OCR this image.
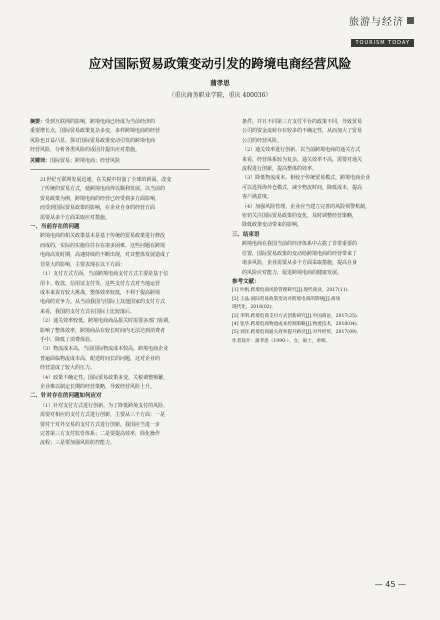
旅游与经济
TOURISM TODAY
应对国际贸易政策变动引发的跨境电商经营风险
蒲孝思
（重庆商务职业学院，重庆 400036）

摘要：受到互联网的影响，跨境电商已经成为当前经济的

重要增长点，国际贸易政策复杂多变，多样跨境电商的经营

风险也日益凸显。探讨国际贸易政策变动引发的跨境电商

经营风险，分析各类风险的成因并提出应对措施。

关键词：国际贸易；跨境电商；经营风险

21世纪互联网发展迅速，在关税中扮演了全球的新面，改变

了传统的贸易方式，使跨境电商得以顺利发展。以当前的

贸易政策为例，跨境电商的经营已经受到多方面影响，

而受到国际贸易政策的影响，在企业自身的经营方面

需要从多个方面采取应对措施。

一、当前存在的问题

跨境电商的相关政策基本是基于传统的贸易政策进行修改

而成的，实际的实施往往存在诸多困难。这些问题在跨境

电商高发时期，高速持续的不断出现，对其整体发展造成了

非常大的影响，主要表现在以下方面：

（1）支付方式方面，当前跨境电商支付方式主要是基于信

用卡、收款，信用证支付等，这些支付方式对当地运营

成本来说有较大挑战，整体效率较低，不利于提高跨境

电商的竞争力。从当前我国与国际上其他国家的支付方式

来看，我国的支付方式在国际上比较落后。

（2）通关效率较低。跨境电商商品报关时需要多部门协调，

影响了整体效率，跨境商品在较长时间内无法达到消费者

手中，降低了消费体验。

（3）物流成本高。当前国际物流成本较高，跨境电商企业

普遍面临物流成本高、配送时间长的问题，这对企业的

经营造成了较大的压力。

（4）政策不确定性。国际贸易政策多变，关税调整频繁，

企业难以制定长期的经营策略，导致经营风险上升。

二、针对存在的问题如何应对

（1）针对支付方式进行创新。为了降低跨境支付的风险，

需要对相应的支付方式进行创新，主要从三个方面：一是

要对于对外交易的支付方式进行创新，我国应当进一步

完善第三方支付监管体系；二是要提高效率，简化操作

流程；三是要加强风险防控能力。

条件，并且不同第三方支付平台的政策不同，导致贸易

公司的资金流转存在较多的不确定性，从而加大了贸易

公司的经营风险。

（2）通关效率进行创新。以当前跨境电商的通关方式

来看，经营体系较为复杂，通关效率不高，需要对通关

流程进行创新，提高整体的效率。

（3）降低物流成本。相较于传统贸易模式，跨境电商企业

可以选择海外仓模式，减少物流时间，降低成本，提高

客户满意度。

（4）加强风险管理。企业应当建立完善的风险预警机制，

密切关注国际贸易政策的变化，及时调整经营策略，

降低政策变动带来的影响。

三、结束语

跨境电商在我国当前的经济体系中占据了非常重要的

位置，国际贸易政策的变动给跨境电商的经营带来了

诸多风险，企业需要从多个方面采取措施，提高自身

的风险应对能力，促进跨境电商的健康发展。

参考文献：

[1] 叶帆.跨境电商风险管理研究[J].现代商业，2017(11).

[2] 王晶.国际贸易政策变动对跨境电商的影响[J].商场

现代化，2018(02).

[3] 李明.跨境电商支付方式创新研究[J].中国商论，2017(25).

[4] 张华.跨境电商物流成本控制策略[J].物流技术，2018(04).

[5] 刘洋.跨境电商通关效率提升路径[J].对外经贸，2017(09).

作者简介：蒲孝思（1990-），女，硕士，讲师。

— 45 —
